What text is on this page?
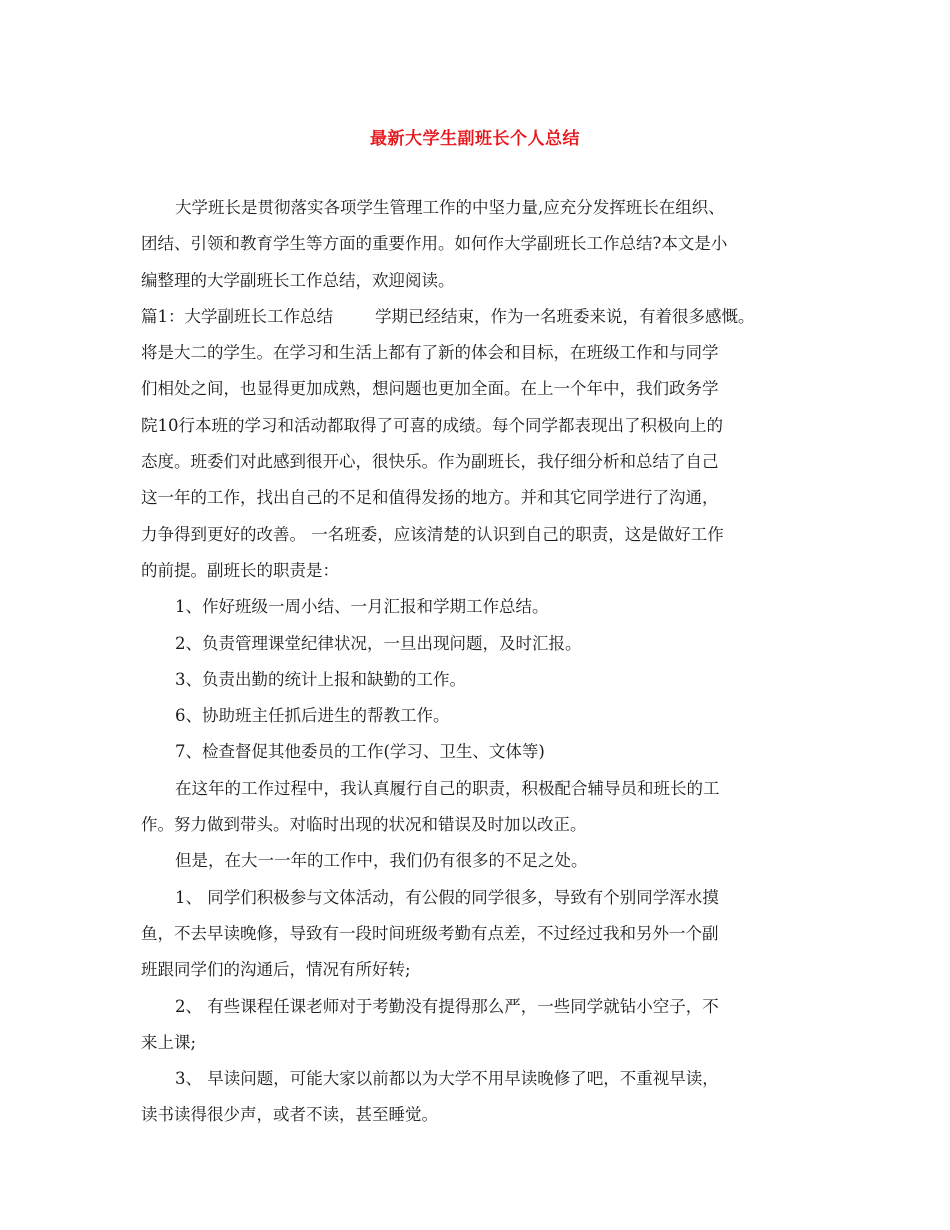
最新大学生副班长个人总结
大学班长是贯彻落实各项学生管理工作的中坚力量,应充分发挥班长在组织、
团结、引领和教育学生等方面的重要作用。如何作大学副班长工作总结?本文是小
编整理的大学副班长工作总结，欢迎阅读。
篇1：大学副班长工作总结	学期已经结束，作为一名班委来说，有着很多感慨。
将是大二的学生。在学习和生活上都有了新的体会和目标，在班级工作和与同学
们相处之间，也显得更加成熟，想问题也更加全面。在上一个年中，我们政务学
院10行本班的学习和活动都取得了可喜的成绩。每个同学都表现出了积极向上的
态度。班委们对此感到很开心，很快乐。作为副班长，我仔细分析和总结了自己
这一年的工作，找出自己的不足和值得发扬的地方。并和其它同学进行了沟通，
力争得到更好的改善。 一名班委，应该清楚的认识到自己的职责，这是做好工作
的前提。副班长的职责是：
1、作好班级一周小结、一月汇报和学期工作总结。
2、负责管理课堂纪律状况，一旦出现问题，及时汇报。
3、负责出勤的统计上报和缺勤的工作。
6、协助班主任抓后进生的帮教工作。
7、检查督促其他委员的工作(学习、卫生、文体等)
在这年的工作过程中，我认真履行自己的职责，积极配合辅导员和班长的工
作。努力做到带头。对临时出现的状况和错误及时加以改正。
但是，在大一一年的工作中，我们仍有很多的不足之处。
1、 同学们积极参与文体活动，有公假的同学很多，导致有个别同学浑水摸
鱼，不去早读晚修，导致有一段时间班级考勤有点差，不过经过我和另外一个副
班跟同学们的沟通后，情况有所好转;
2、 有些课程任课老师对于考勤没有提得那么严，一些同学就钻小空子，不
来上课;
3、 早读问题，可能大家以前都以为大学不用早读晚修了吧，不重视早读，
读书读得很少声，或者不读，甚至睡觉。
